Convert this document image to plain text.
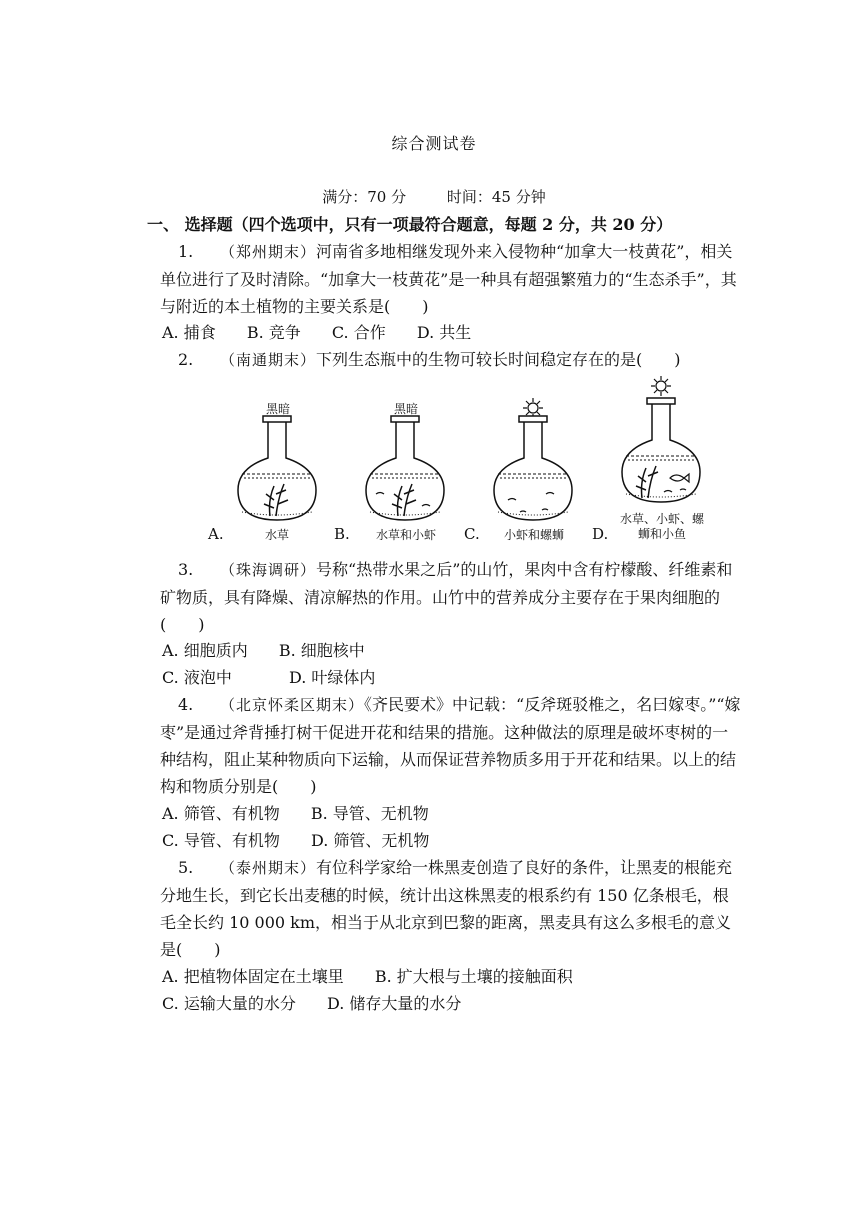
综合测试卷
满分：70 分	时间：45 分钟
一、 选择题（四个选项中，只有一项最符合题意，每题 2 分，共 20 分）
1. （郑州期末）河南省多地相继发现外来入侵物种“加拿大一枝黄花”，相关单位进行了及时清除。“加拿大一枝黄花”是一种具有超强繁殖力的“生态杀手”，其与附近的本土植物的主要关系是(　　)
A. 捕食 B. 竞争 C. 合作 D. 共生
2. （南通期末）下列生态瓶中的生物可较长时间稳定存在的是(　　)
黑暗
A.	水草
黑暗
B.	水草和小虾	C.	小虾和螺蛳	D.
水草、小虾、螺蛳和小鱼
3. （珠海调研）号称“热带水果之后”的山竹，果肉中含有柠檬酸、纤维素和矿物质，具有降燥、清凉解热的作用。山竹中的营养成分主要存在于果肉细胞的(　　)
A. 细胞质内 B. 细胞核中
C. 液泡中	D. 叶绿体内
4. （北京怀柔区期末）《齐民要术》中记载：“反斧斑驳椎之，名曰嫁枣。”“嫁枣”是通过斧背捶打树干促进开花和结果的措施。这种做法的原理是破坏枣树的一种结构，阻止某种物质向下运输，从而保证营养物质多用于开花和结果。以上的结构和物质分别是(　　)
A. 筛管、有机物 B. 导管、无机物
C. 导管、有机物 D. 筛管、无机物
5. （泰州期末）有位科学家给一株黑麦创造了良好的条件，让黑麦的根能充分地生长，到它长出麦穗的时候，统计出这株黑麦的根系约有 150 亿条根毛，根毛全长约 10 000 km，相当于从北京到巴黎的距离，黑麦具有这么多根毛的意义是(　　)
A. 把植物体固定在土壤里 B. 扩大根与土壤的接触面积
C. 运输大量的水分 D. 储存大量的水分
